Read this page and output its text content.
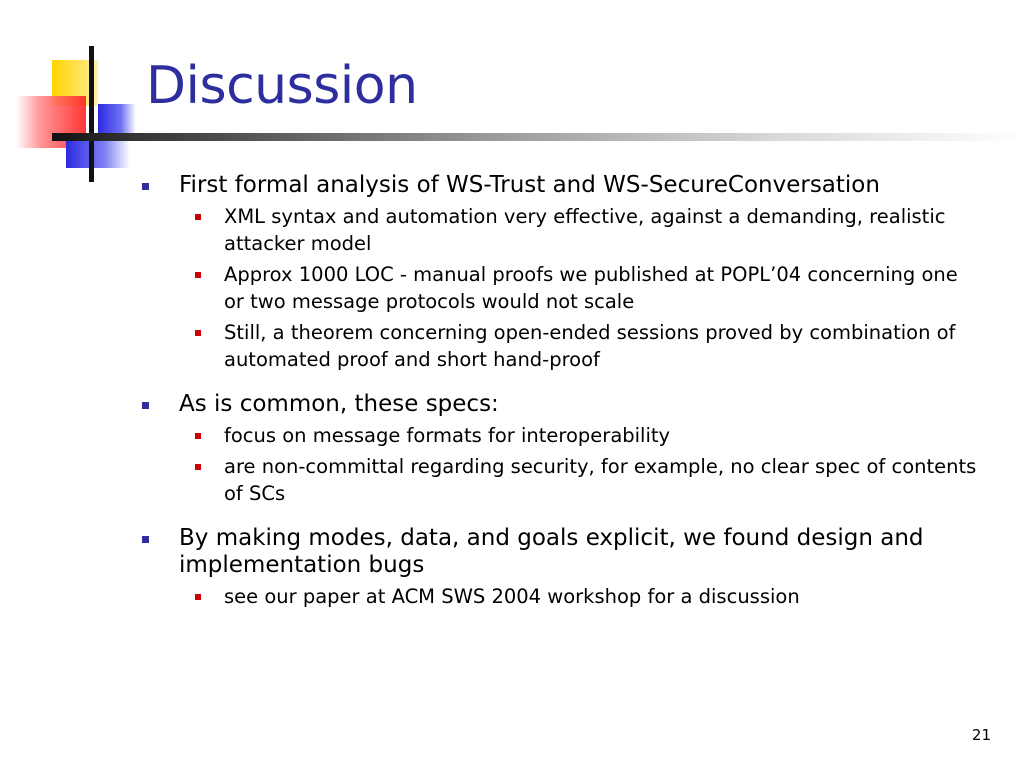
Discussion
First formal analysis of WS-Trust and WS-SecureConversation
XML syntax and automation very effective, against a demanding, realistic attacker model
Approx 1000 LOC - manual proofs we published at POPL’04 concerning one or two message protocols would not scale
Still, a theorem concerning open-ended sessions proved by combination of automated proof and short hand-proof
As is common, these specs:
focus on message formats for interoperability
are non-committal regarding security, for example, no clear spec of contents of SCs
By making modes, data, and goals explicit, we found design and implementation bugs
see our paper at ACM SWS 2004 workshop for a discussion
21
